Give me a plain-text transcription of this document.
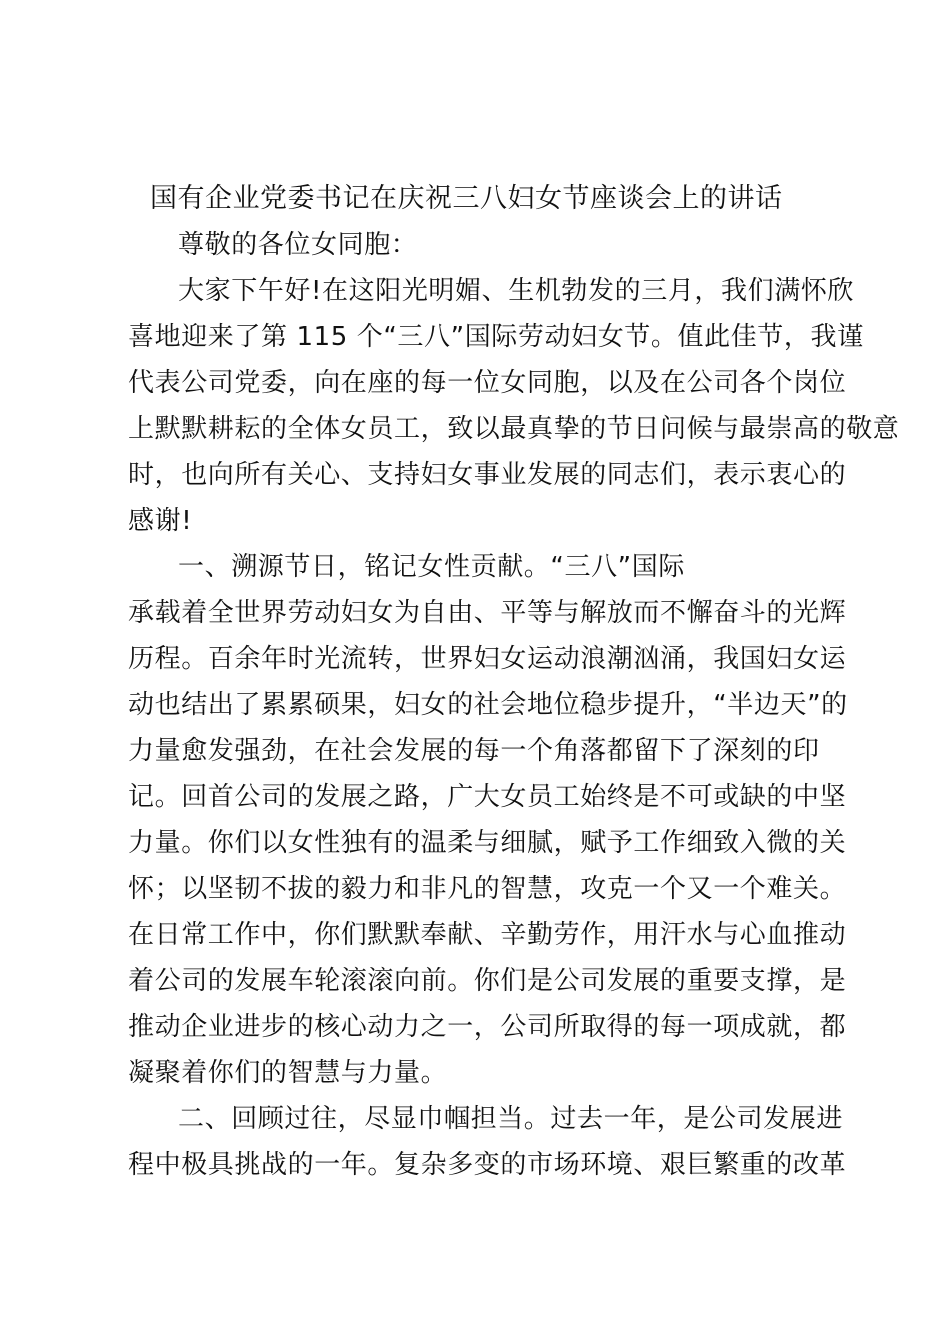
国有企业党委书记在庆祝三八妇女节座谈会上的讲话
尊敬的各位女同胞：
大家下午好!在这阳光明媚、生机勃发的三月，我们满怀欣
喜地迎来了第 115 个“三八”国际劳动妇女节。值此佳节，我谨
代表公司党委，向在座的每一位女同胞，以及在公司各个岗位
上默默耕耘的全体女员工，致以最真挚的节日问候与最崇高的敬意
时，也向所有关心、支持妇女事业发展的同志们，表示衷心的
感谢!
一、溯源节日，铭记女性贡献。“三八”国际
承载着全世界劳动妇女为自由、平等与解放而不懈奋斗的光辉
历程。百余年时光流转，世界妇女运动浪潮汹涌，我国妇女运
动也结出了累累硕果，妇女的社会地位稳步提升，“半边天”的
力量愈发强劲，在社会发展的每一个角落都留下了深刻的印
记。回首公司的发展之路，广大女员工始终是不可或缺的中坚
力量。你们以女性独有的温柔与细腻，赋予工作细致入微的关
怀；以坚韧不拔的毅力和非凡的智慧，攻克一个又一个难关。
在日常工作中，你们默默奉献、辛勤劳作，用汗水与心血推动
着公司的发展车轮滚滚向前。你们是公司发展的重要支撑，是
推动企业进步的核心动力之一，公司所取得的每一项成就，都
凝聚着你们的智慧与力量。
二、回顾过往，尽显巾帼担当。过去一年，是公司发展进
程中极具挑战的一年。复杂多变的市场环境、艰巨繁重的改革
